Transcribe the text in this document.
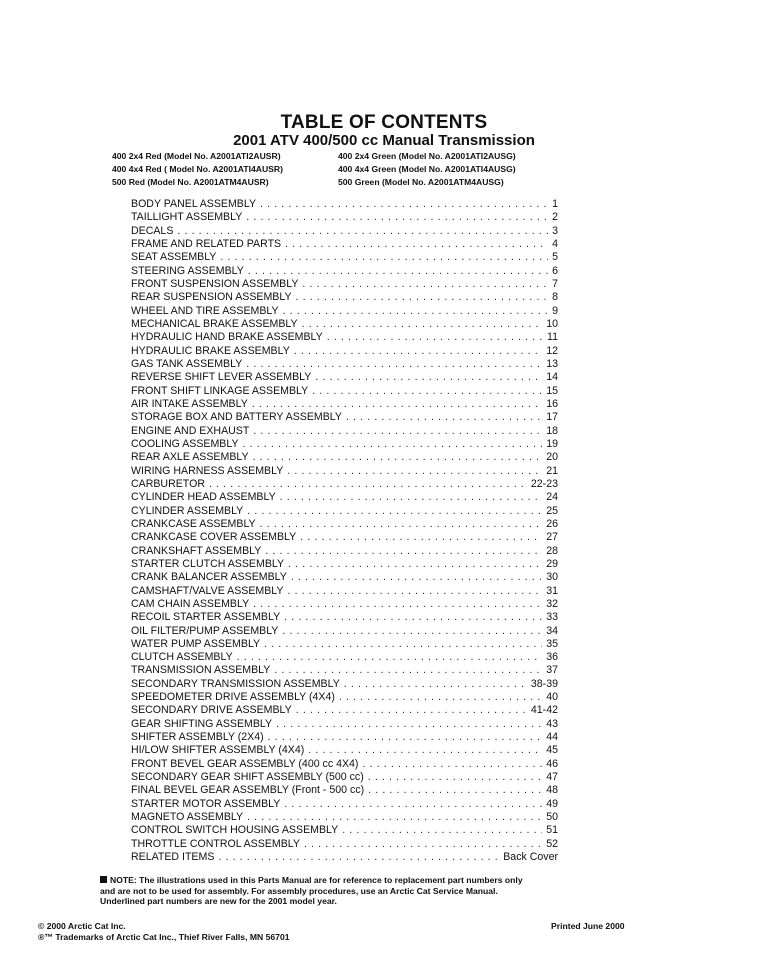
TABLE OF CONTENTS
2001 ATV 400/500 cc Manual Transmission
400 2x4 Red (Model No. A2001ATI2AUSR)
400 4x4 Red ( Model No. A2001ATI4AUSR)
500 Red (Model No. A2001ATM4AUSR)
400 2x4 Green (Model No. A2001ATI2AUSG)
400 4x4 Green (Model No. A2001ATI4AUSG)
500 Green (Model No. A2001ATM4AUSG)
BODY PANEL ASSEMBLY . . .	1
TAILLIGHT ASSEMBLY . . .	2
DECALS . . .	3
FRAME AND RELATED PARTS . . .	4
SEAT ASSEMBLY . . .	5
STEERING ASSEMBLY . . .	6
FRONT SUSPENSION ASSEMBLY . . .	7
REAR SUSPENSION ASSEMBLY . . .	8
WHEEL AND TIRE ASSEMBLY . . .	9
MECHANICAL BRAKE ASSEMBLY . . .	10
HYDRAULIC HAND BRAKE ASSEMBLY . . .	11
HYDRAULIC BRAKE ASSEMBLY . . .	12
GAS TANK ASSEMBLY . . .	13
REVERSE SHIFT LEVER ASSEMBLY . . .	14
FRONT SHIFT LINKAGE ASSEMBLY . . .	15
AIR INTAKE ASSEMBLY . . .	16
STORAGE BOX AND BATTERY ASSEMBLY . . .	17
ENGINE AND EXHAUST . . .	18
COOLING ASSEMBLY . . .	19
REAR AXLE ASSEMBLY . . .	20
WIRING HARNESS ASSEMBLY . . .	21
CARBURETOR . . .	22-23
CYLINDER HEAD ASSEMBLY . . .	24
CYLINDER ASSEMBLY . . .	25
CRANKCASE ASSEMBLY . . .	26
CRANKCASE COVER ASSEMBLY . . .	27
CRANKSHAFT ASSEMBLY . . .	28
STARTER CLUTCH ASSEMBLY . . .	29
CRANK BALANCER ASSEMBLY . . .	30
CAMSHAFT/VALVE ASSEMBLY . . .	31
CAM CHAIN ASSEMBLY . . .	32
RECOIL STARTER ASSEMBLY . . .	33
OIL FILTER/PUMP ASSEMBLY . . .	34
WATER PUMP ASSEMBLY . . .	35
CLUTCH ASSEMBLY . . .	36
TRANSMISSION ASSEMBLY . . .	37
SECONDARY TRANSMISSION ASSEMBLY . . .	38-39
SPEEDOMETER DRIVE ASSEMBLY (4X4) . . .	40
SECONDARY DRIVE ASSEMBLY . . .	41-42
GEAR SHIFTING ASSEMBLY . . .	43
SHIFTER ASSEMBLY (2X4) . . .	44
HI/LOW SHIFTER ASSEMBLY (4X4) . . .	45
FRONT BEVEL GEAR ASSEMBLY (400 cc 4X4) . . .	46
SECONDARY GEAR SHIFT ASSEMBLY (500 cc) . . .	47
FINAL BEVEL GEAR ASSEMBLY (Front - 500 cc) . . .	48
STARTER MOTOR ASSEMBLY . . .	49
MAGNETO ASSEMBLY . . .	50
CONTROL SWITCH HOUSING ASSEMBLY . . .	51
THROTTLE CONTROL ASSEMBLY . . .	52
RELATED ITEMS . . .	Back Cover
NOTE: The illustrations used in this Parts Manual are for reference to replacement part numbers only
and are not to be used for assembly. For assembly procedures, use an Arctic Cat Service Manual.
Underlined part numbers are new for the 2001 model year.
© 2000 Arctic Cat Inc.
®™ Trademarks of Arctic Cat Inc., Thief River Falls, MN 56701
Printed June 2000
